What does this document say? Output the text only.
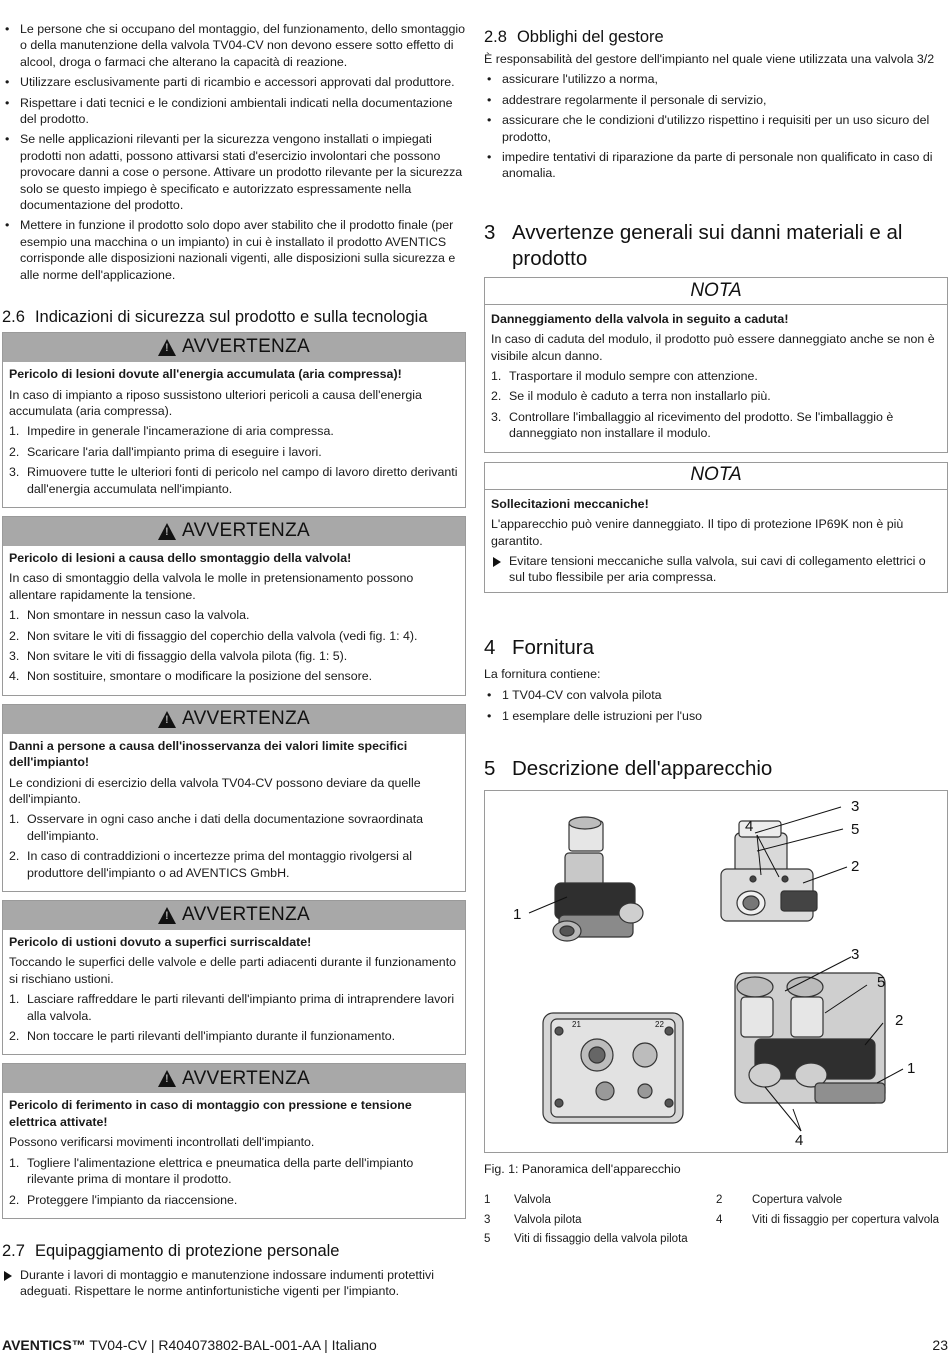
• Le persone che si occupano del montaggio, del funzionamento, dello smontaggio o della manutenzione della valvola TV04-CV non devono essere sotto effetto di alcool, droga o farmaci che alterano la capacità di reazione.
• Utilizzare esclusivamente parti di ricambio e accessori approvati dal produttore.
• Rispettare i dati tecnici e le condizioni ambientali indicati nella documentazione del prodotto.
• Se nelle applicazioni rilevanti per la sicurezza vengono installati o impiegati prodotti non adatti, possono attivarsi stati d'esercizio involontari che possono provocare danni a cose o persone. Attivare un prodotto rilevante per la sicurezza solo se questo impiego è specificato e autorizzato espressamente nella documentazione del prodotto.
• Mettere in funzione il prodotto solo dopo aver stabilito che il prodotto finale (per esempio una macchina o un impianto) in cui è installato il prodotto AVENTICS corrisponde alle disposizioni nazionali vigenti, alle disposizioni sulla sicurezza e alle norme dell'applicazione.
2.6 Indicazioni di sicurezza sul prodotto e sulla tecnologia
!
AVVERTENZA
Pericolo di lesioni dovute all'energia accumulata (aria compressa)!

In caso di impianto a riposo sussistono ulteriori pericoli a causa dell'energia accumulata (aria compressa).

1. Impedire in generale l'incamerazione di aria compressa.
2. Scaricare l'aria dall'impianto prima di eseguire i lavori.
3. Rimuovere tutte le ulteriori fonti di pericolo nel campo di lavoro diretto derivanti dall'energia accumulata nell'impianto.
!
AVVERTENZA
Pericolo di lesioni a causa dello smontaggio della valvola!

In caso di smontaggio della valvola le molle in pretensionamento possono allentare rapidamente la tensione.

1. Non smontare in nessun caso la valvola.
2. Non svitare le viti di fissaggio del coperchio della valvola (vedi fig. 1: 4).
3. Non svitare le viti di fissaggio della valvola pilota (fig. 1: 5).
4. Non sostituire, smontare o modificare la posizione del sensore.
!
AVVERTENZA
Danni a persone a causa dell'inosservanza dei valori limite specifici dell'impianto!

Le condizioni di esercizio della valvola TV04-CV possono deviare da quelle dell'impianto.

1. Osservare in ogni caso anche i dati della documentazione sovraordinata dell'impianto.
2. In caso di contraddizioni o incertezze prima del montaggio rivolgersi al produttore dell'impianto o ad AVENTICS GmbH.
!
AVVERTENZA
Pericolo di ustioni dovuto a superfici surriscaldate!

Toccando le superfici delle valvole e delle parti adiacenti durante il funzionamento si rischiano ustioni.

1. Lasciare raffreddare le parti rilevanti dell'impianto prima di intraprendere lavori alla valvola.
2. Non toccare le parti rilevanti dell'impianto durante il funzionamento.
!
AVVERTENZA
Pericolo di ferimento in caso di montaggio con pressione e tensione elettrica attivate!

Possono verificarsi movimenti incontrollati dell'impianto.

1. Togliere l'alimentazione elettrica e pneumatica della parte dell'impianto rilevante prima di montare il prodotto.
2. Proteggere l'impianto da riaccensione.
2.7 Equipaggiamento di protezione personale
Durante i lavori di montaggio e manutenzione indossare indumenti protettivi adeguati. Rispettare le norme antinfortunistiche vigenti per l'impianto.
2.8 Obblighi del gestore

È responsabilità del gestore dell'impianto nel quale viene utilizzata una valvola 3/2

• assicurare l'utilizzo a norma,
• addestrare regolarmente il personale di servizio,
• assicurare che le condizioni d'utilizzo rispettino i requisiti per un uso sicuro del prodotto,
• impedire tentativi di riparazione da parte di personale non qualificato in caso di anomalia.
3 Avvertenze generali sui danni materiali e al prodotto
NOTA
Danneggiamento della valvola in seguito a caduta!

In caso di caduta del modulo, il prodotto può essere danneggiato anche se non è visibile alcun danno.

1. Trasportare il modulo sempre con attenzione.
2. Se il modulo è caduto a terra non installarlo più.
3. Controllare l'imballaggio al ricevimento del prodotto. Se l'imballaggio è danneggiato non installare il modulo.
NOTA
Sollecitazioni meccaniche!

L'apparecchio può venire danneggiato. Il tipo di protezione IP69K non è più garantito.

Evitare tensioni meccaniche sulla valvola, sui cavi di collegamento elettrici o sul tubo flessibile per aria compressa.
4 Fornitura

La fornitura contiene:

• 1 TV04-CV con valvola pilota
• 1 esemplare delle istruzioni per l'uso
5 Descrizione dell'apparecchio
21	22
3
4	5
2
1
3
5
2
1
4
Fig. 1: Panoramica dell'apparecchio
1	Valvola	2	Copertura valvole
3	Valvola pilota	4	Viti di fissaggio per copertura valvola
5	Viti di fissaggio della valvola pilota
AVENTICS™ TV04-CV | R404073802-BAL-001-AA | Italiano	23
